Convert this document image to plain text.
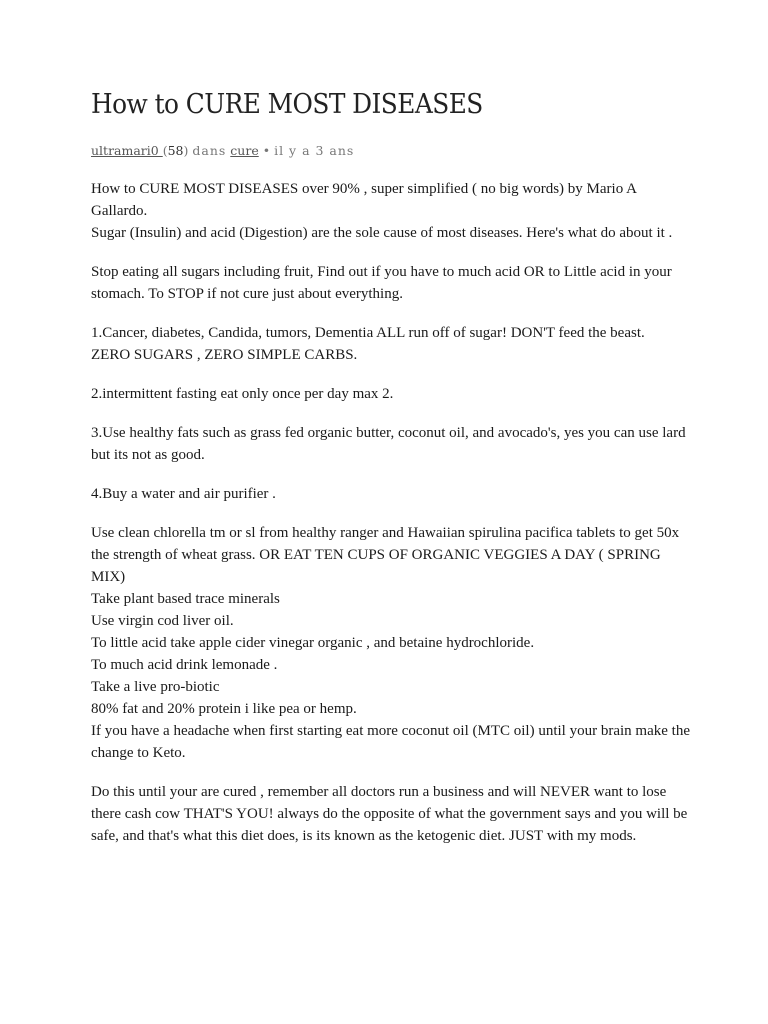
How to CURE MOST DISEASES
ultramari0 (58) dans cure • il y a 3 ans

How to CURE MOST DISEASES over 90% , super simplified ( no big words) by Mario A Gallardo.
Sugar (Insulin) and acid (Digestion) are the sole cause of most diseases. Here's what do about it .

Stop eating all sugars including fruit, Find out if you have to much acid OR to Little acid in your stomach. To STOP if not cure just about everything.

1.Cancer, diabetes, Candida, tumors, Dementia ALL run off of sugar! DON'T feed the beast.
ZERO SUGARS , ZERO SIMPLE CARBS.

2.intermittent fasting eat only once per day max 2.

3.Use healthy fats such as grass fed organic butter, coconut oil, and avocado's, yes you can use lard but its not as good.

4.Buy a water and air purifier .

Use clean chlorella tm or sl from healthy ranger and Hawaiian spirulina pacifica tablets to get 50x the strength of wheat grass. OR EAT TEN CUPS OF ORGANIC VEGGIES A DAY ( SPRING MIX)
Take plant based trace minerals
Use virgin cod liver oil.
To little acid take apple cider vinegar organic , and betaine hydrochloride.
To much acid drink lemonade .
Take a live pro-biotic
80% fat and 20% protein i like pea or hemp.
If you have a headache when first starting eat more coconut oil (MTC oil) until your brain make the change to Keto.

Do this until your are cured , remember all doctors run a business and will NEVER want to lose there cash cow THAT'S YOU! always do the opposite of what the government says and you will be safe, and that's what this diet does, is its known as the ketogenic diet. JUST with my mods.
